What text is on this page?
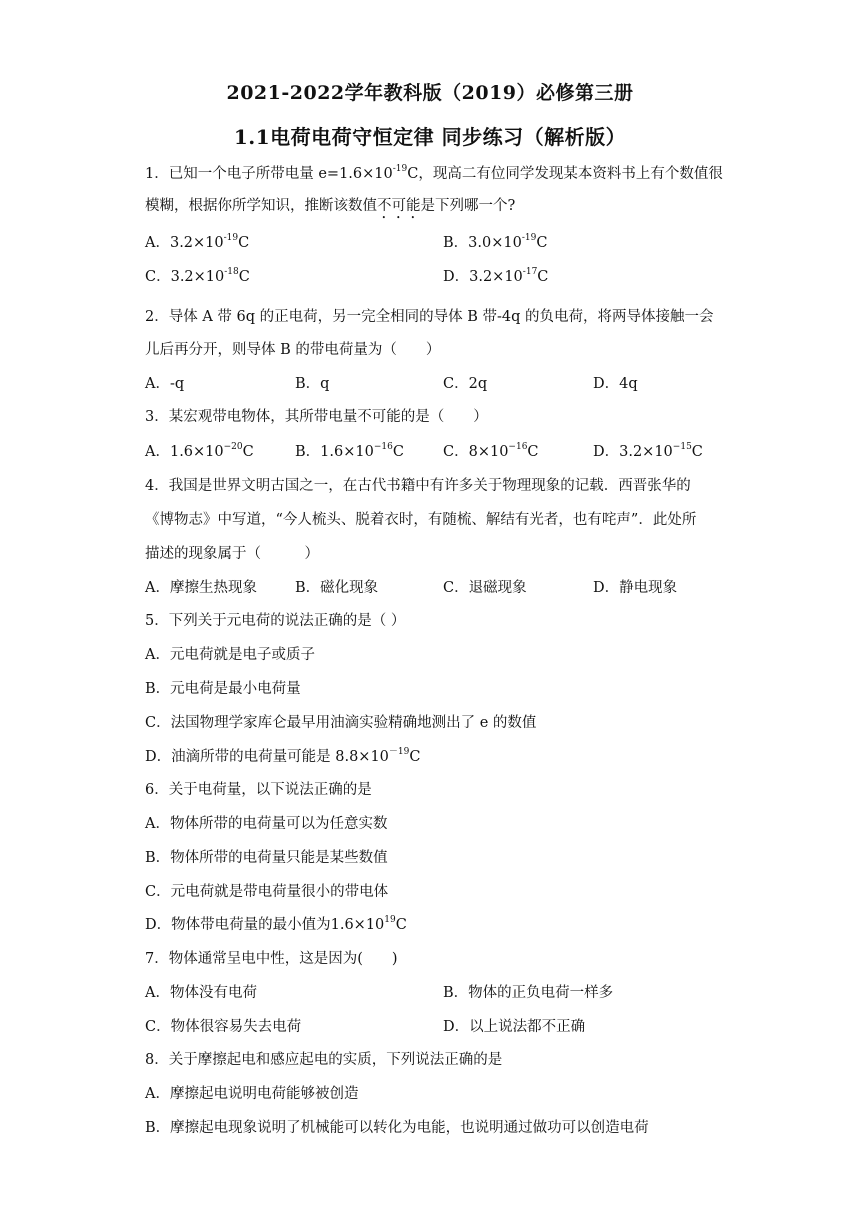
2021-2022学年教科版（2019）必修第三册
1.1电荷电荷守恒定律 同步练习（解析版）
1．已知一个电子所带电量 $e=1.6\times 10^{-19}C$，现高二有位同学发现某本资料书上有个数值很
模糊，根据你所学知识，推断该数值不可能是下列哪一个?
A．$3.2\times 10^{-19}C$	B．$3.0\times 10^{-19}C$
C．$3.2\times 10^{-18}C$	D．$3.2\times 10^{-17}C$
2．导体 A 带 6q 的正电荷，另一完全相同的导体 B 带-4q 的负电荷，将两导体接触一会
儿后再分开，则导体 B 的带电荷量为（　　）
A．-q	B．q	C．2q	D．4q
3．某宏观带电物体，其所带电量不可能的是（　　）
A．$1.6\times 10^{-20}C$	B．$1.6\times 10^{-16}C$	C．$8\times 10^{-16}C$	D．$3.2\times 10^{-15}C$
4．我国是世界文明古国之一，在古代书籍中有许多关于物理现象的记载．西晋张华的
《博物志》中写道，“今人梳头、脱着衣时，有随梳、解结有光者，也有咤声”．此处所
描述的现象属于（　　　）
A．摩擦生热现象	B．磁化现象	C．退磁现象	D．静电现象
5．下列关于元电荷的说法正确的是（ ）
A．元电荷就是电子或质子
B．元电荷是最小电荷量
C．法国物理学家库仑最早用油滴实验精确地测出了 e 的数值
D．油滴所带的电荷量可能是 $8.8\times 10^{-19}C$
6．关于电荷量，以下说法正确的是
A．物体所带的电荷量可以为任意实数
B．物体所带的电荷量只能是某些数值
C．元电荷就是带电荷量很小的带电体
D．物体带电荷量的最小值为$1.6\times 10^{19}C$
7．物体通常呈电中性，这是因为(　　)
A．物体没有电荷	B．物体的正负电荷一样多
C．物体很容易失去电荷	D．以上说法都不正确
8．关于摩擦起电和感应起电的实质，下列说法正确的是
A．摩擦起电说明电荷能够被创造
B．摩擦起电现象说明了机械能可以转化为电能，也说明通过做功可以创造电荷
